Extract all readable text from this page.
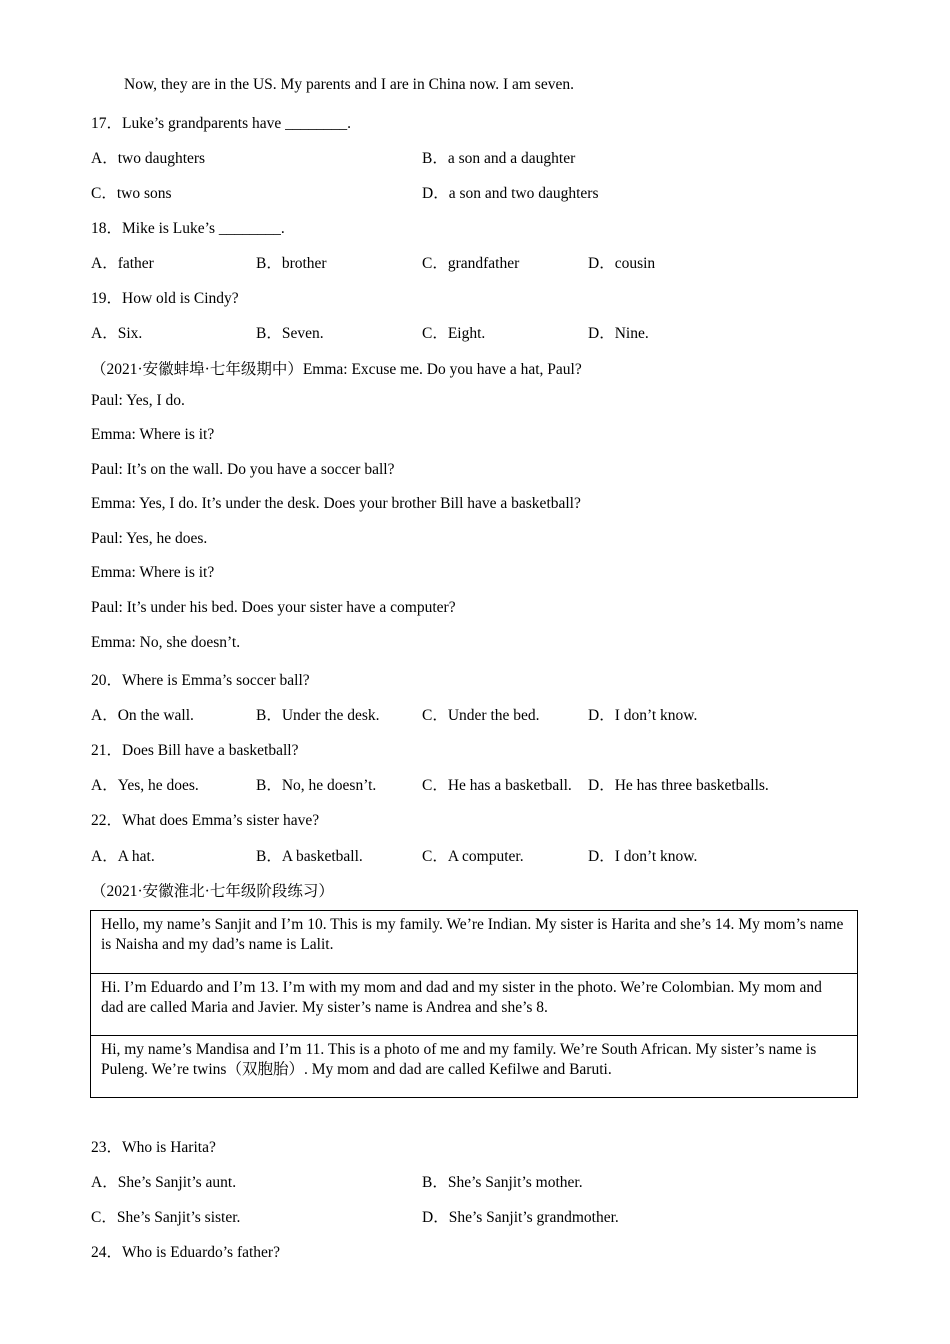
Now, they are in the US. My parents and I are in China now. I am seven.
17．Luke’s grandparents have ________.
A．two daughters	B．a son and a daughter
C．two sons	D．a son and two daughters
18．Mike is Luke’s ________.
A．father	B．brother	C．grandfather	D．cousin
19．How old is Cindy?
A．Six.	B．Seven.	C．Eight.	D．Nine.
（2021·安徽蚌埠·七年级期中）Emma: Excuse me. Do you have a hat, Paul?
Paul: Yes, I do.
Emma: Where is it?
Paul: It’s on the wall. Do you have a soccer ball?
Emma: Yes, I do. It’s under the desk. Does your brother Bill have a basketball?
Paul: Yes, he does.
Emma: Where is it?
Paul: It’s under his bed. Does your sister have a computer?
Emma: No, she doesn’t.
20．Where is Emma’s soccer ball?
A．On the wall.	B．Under the desk.	C．Under the bed.	D．I don’t know.
21．Does Bill have a basketball?
A．Yes, he does.	B．No, he doesn’t.	C．He has a basketball. D．He has three basketballs.
22．What does Emma’s sister have?
A．A hat.	B．A basketball.	C．A computer.	D．I don’t know.
（2021·安徽淮北·七年级阶段练习）
Hello, my name’s Sanjit and I’m 10. This is my family. We’re Indian. My sister is Harita and she’s 14. My mom’s name is Naisha and my dad’s name is Lalit.
Hi. I’m Eduardo and I’m 13. I’m with my mom and dad and my sister in the photo. We’re Colombian. My mom and dad are called Maria and Javier. My sister’s name is Andrea and she’s 8.
Hi, my name’s Mandisa and I’m 11. This is a photo of me and my family. We’re South African. My sister’s name is Puleng. We’re twins（双胞胎）. My mom and dad are called Kefilwe and Baruti.
23．Who is Harita?
A．She’s Sanjit’s aunt.	B．She’s Sanjit’s mother.
C．She’s Sanjit’s sister.	D．She’s Sanjit’s grandmother.
24．Who is Eduardo’s father?
